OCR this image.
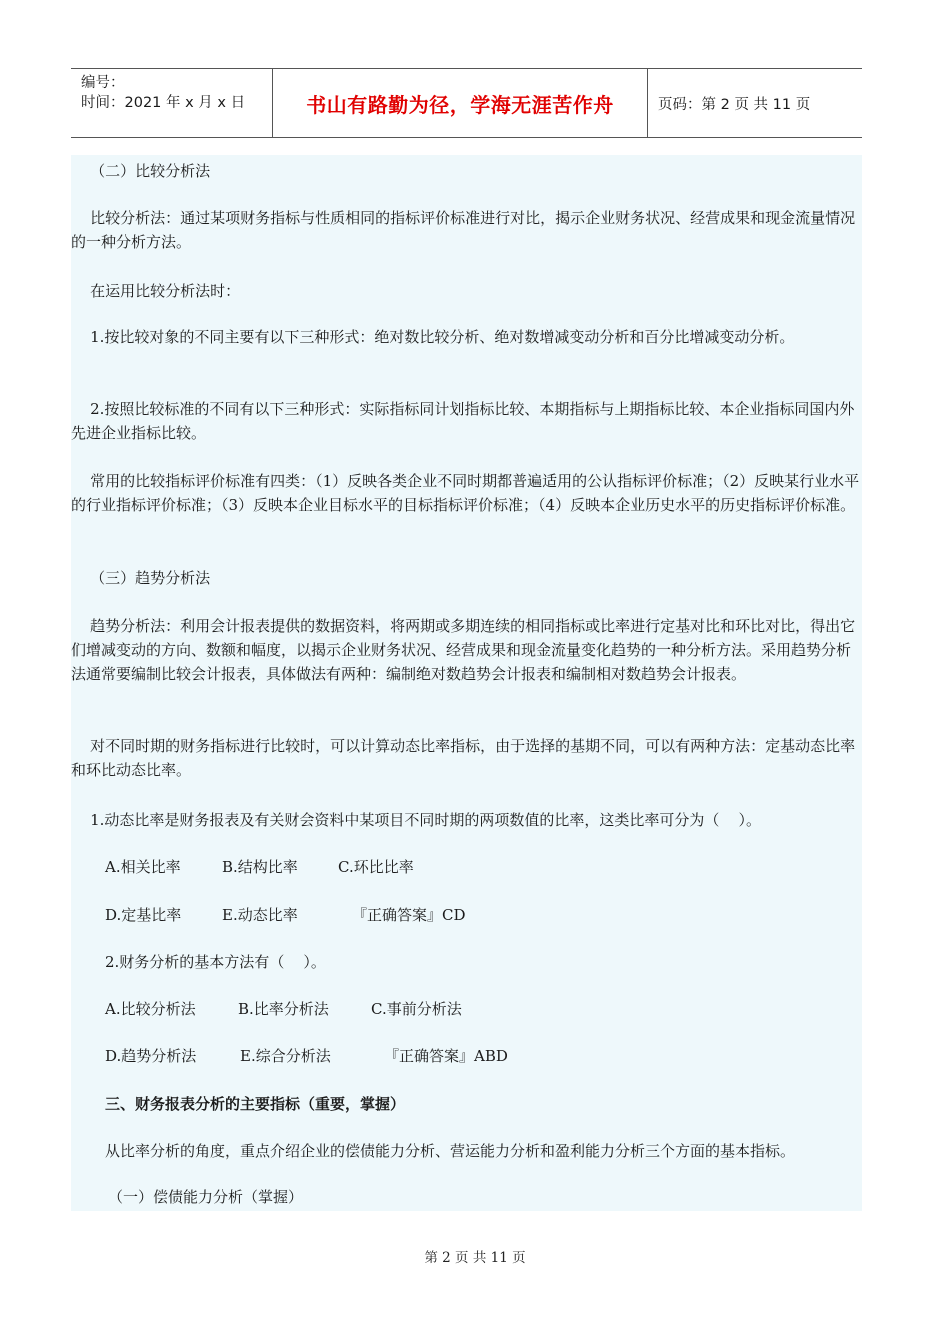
编号：
时间：2021 年 x 月 x 日	书山有路勤为径，学海无涯苦作舟	页码：第 2 页 共 11 页
（二）比较分析法
比较分析法：通过某项财务指标与性质相同的指标评价标准进行对比，揭示企业财务状况、经营成果和现金流量情况的一种分析方法。
在运用比较分析法时：
1.按比较对象的不同主要有以下三种形式：绝对数比较分析、绝对数增减变动分析和百分比增减变动分析。
2.按照比较标准的不同有以下三种形式：实际指标同计划指标比较、本期指标与上期指标比较、本企业指标同国内外先进企业指标比较。
常用的比较指标评价标准有四类：（1）反映各类企业不同时期都普遍适用的公认指标评价标准；（2）反映某行业水平的行业指标评价标准；（3）反映本企业目标水平的目标指标评价标准；（4）反映本企业历史水平的历史指标评价标准。
（三）趋势分析法
趋势分析法：利用会计报表提供的数据资料，将两期或多期连续的相同指标或比率进行定基对比和环比对比，得出它们增减变动的方向、数额和幅度，以揭示企业财务状况、经营成果和现金流量变化趋势的一种分析方法。采用趋势分析法通常要编制比较会计报表，具体做法有两种：编制绝对数趋势会计报表和编制相对数趋势会计报表。
对不同时期的财务指标进行比较时，可以计算动态比率指标，由于选择的基期不同，可以有两种方法：定基动态比率和环比动态比率。
1.动态比率是财务报表及有关财会资料中某项目不同时期的两项数值的比率，这类比率可分为（    ）。
A.相关比率	B.结构比率	C.环比比率
D.定基比率	E.动态比率	『正确答案』CD
2.财务分析的基本方法有（    ）。
A.比较分析法	B.比率分析法	C.事前分析法
D.趋势分析法	E.综合分析法	『正确答案』ABD
三、财务报表分析的主要指标（重要，掌握）
从比率分析的角度，重点介绍企业的偿债能力分析、营运能力分析和盈利能力分析三个方面的基本指标。
（一）偿债能力分析（掌握）
第 2 页 共 11 页
